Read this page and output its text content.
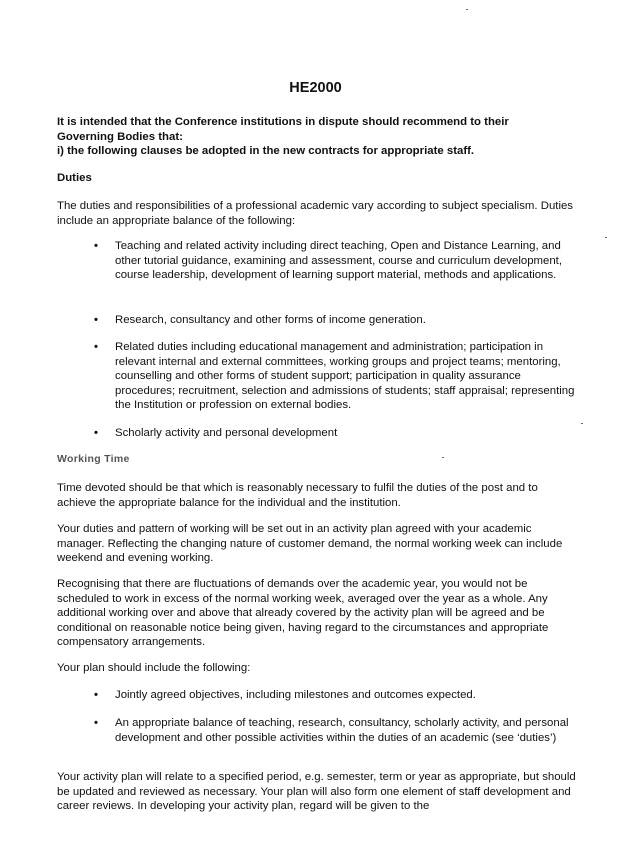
HE2000
It is intended that the Conference institutions in dispute should recommend to their
Governing Bodies that:
i) the following clauses be adopted in the new contracts for appropriate staff.
Duties
The duties and responsibilities of a professional academic vary according to subject specialism. Duties include an appropriate balance of the following:
•	Teaching and related activity including direct teaching, Open and Distance Learning, and other tutorial guidance, examining and assessment, course and curriculum development, course leadership, development of learning support material, methods and applications.
•	Research, consultancy and other forms of income generation.
•	Related duties including educational management and administration; participation in relevant internal and external committees, working groups and project teams; mentoring, counselling and other forms of student support; participation in quality assurance procedures; recruitment, selection and admissions of students; staff appraisal; representing the Institution or profession on external bodies.
•	Scholarly activity and personal development
Working Time
Time devoted should be that which is reasonably necessary to fulfil the duties of the post and to achieve the appropriate balance for the individual and the institution.
Your duties and pattern of working will be set out in an activity plan agreed with your academic manager. Reflecting the changing nature of customer demand, the normal working week can include weekend and evening working.
Recognising that there are fluctuations of demands over the academic year, you would not be scheduled to work in excess of the normal working week, averaged over the year as a whole. Any additional working over and above that already covered by the activity plan will be agreed and be conditional on reasonable notice being given, having regard to the circumstances and appropriate compensatory arrangements.
Your plan should include the following:
•	Jointly agreed objectives, including milestones and outcomes expected.
•	An appropriate balance of teaching, research, consultancy, scholarly activity, and personal development and other possible activities within the duties of an academic (see ‘duties’)
Your activity plan will relate to a specified period, e.g. semester, term or year as appropriate, but should be updated and reviewed as necessary. Your plan will also form one element of staff development and career reviews. In developing your activity plan, regard will be given to the
